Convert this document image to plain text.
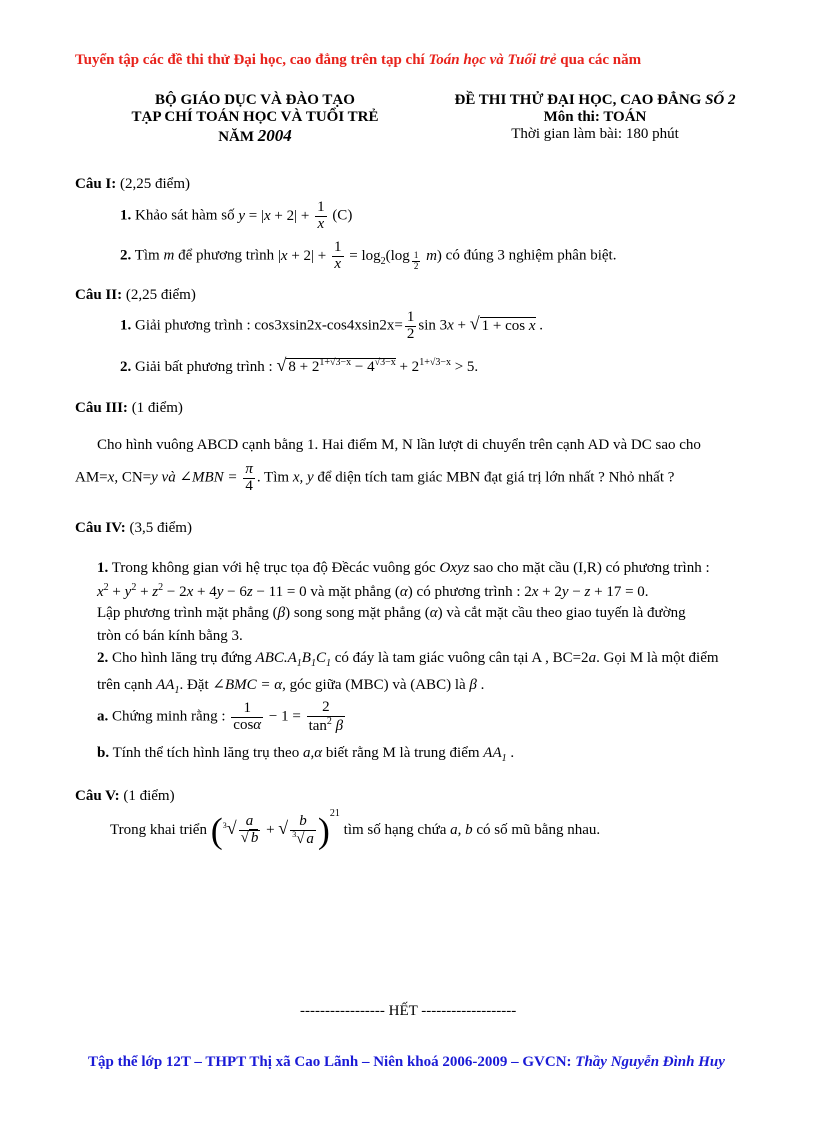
Tuyển tập các đề thi thử Đại học, cao đẳng trên tạp chí Toán học và Tuổi trẻ qua các năm
BỘ GIÁO DỤC VÀ ĐÀO TẠO
TẠP CHÍ TOÁN HỌC VÀ TUỔI TRẺ
NĂM 2004
ĐỀ THI THỬ ĐẠI HỌC, CAO ĐẲNG SỐ 2
Môn thi: TOÁN
Thời gian làm bài: 180 phút
Câu I: (2,25 điểm)
1. Khảo sát hàm số $y = |x + 2| + \frac{1}{x} (C)$
2. Tìm m để phương trình $|x + 2| + \frac{1}{x} = \log_2(\log$ $_{\frac{1}{2}}$ m) có đúng 3 nghiệm phân biệt.
Câu II: (2,25 điểm)
1. Giải phương trình : $\cos 3xsin2x-\cos 4xsin2x= \frac{1}{2}$ sin 3x + √ 1 + cos x .
2. Giải bất phương trình : √ $8 + 2^{1+√3-x} - 4^{√3-x} + 2^{1+√3-x} > 5$.
Câu III: (1 điểm)
Cho hình vuông ABCD cạnh bằng 1. Hai điểm M, N lần lượt di chuyển trên cạnh AD và DC sao cho
AM=x, CN=y và ∠MBN = $\frac{\pi}{4}$ . Tìm x, y để diện tích tam giác MBN đạt giá trị lớn nhất ? Nhỏ nhất ?
Câu IV: (3,5 điểm)
1. Trong không gian với hệ trục tọa độ Đềcác vuông góc Oxyz sao cho mặt cầu (I,R) có phương trình :
$x^2 + y^2 + z^2 - 2x + 4y - 6z - 11 = 0$ và mặt phẳng (α) có phương trình : 2x + 2y − z + 17 = 0.
Lập phương trình mặt phẳng (β) song song mặt phẳng (α) và cắt mặt cầu theo giao tuyến là đường
tròn có bán kính bằng 3.
2. Cho hình lăng trụ đứng $ABC.A_1B_1C_1$ có đáy là tam giác vuông cân tại A , BC=2a. Gọi M là một điểm
trên cạnh $AA_1$. Đặt ∠BMC = α, góc giữa (MBC) và (ABC) là β .
a. Chứng minh rằng : $\frac{1}{\cos\alpha} - 1 = \frac{2}{\tan^2 \beta}$
b. Tính thể tích hình lăng trụ theo a,α biết rằng M là trung điểm $AA_1$ .
Câu V: (1 điểm)
Trong khai triển ($^3√ \frac{a}{√ b}$ + √ $\frac{b}{^3√ a} )^{21}$ tìm số hạng chứa a, b có số mũ bằng nhau.
----------------- HẾT -------------------
Tập thể lớp 12T – THPT Thị xã Cao Lãnh – Niên khoá 2006-2009 – GVCN: Thầy Nguyễn Đình Huy
